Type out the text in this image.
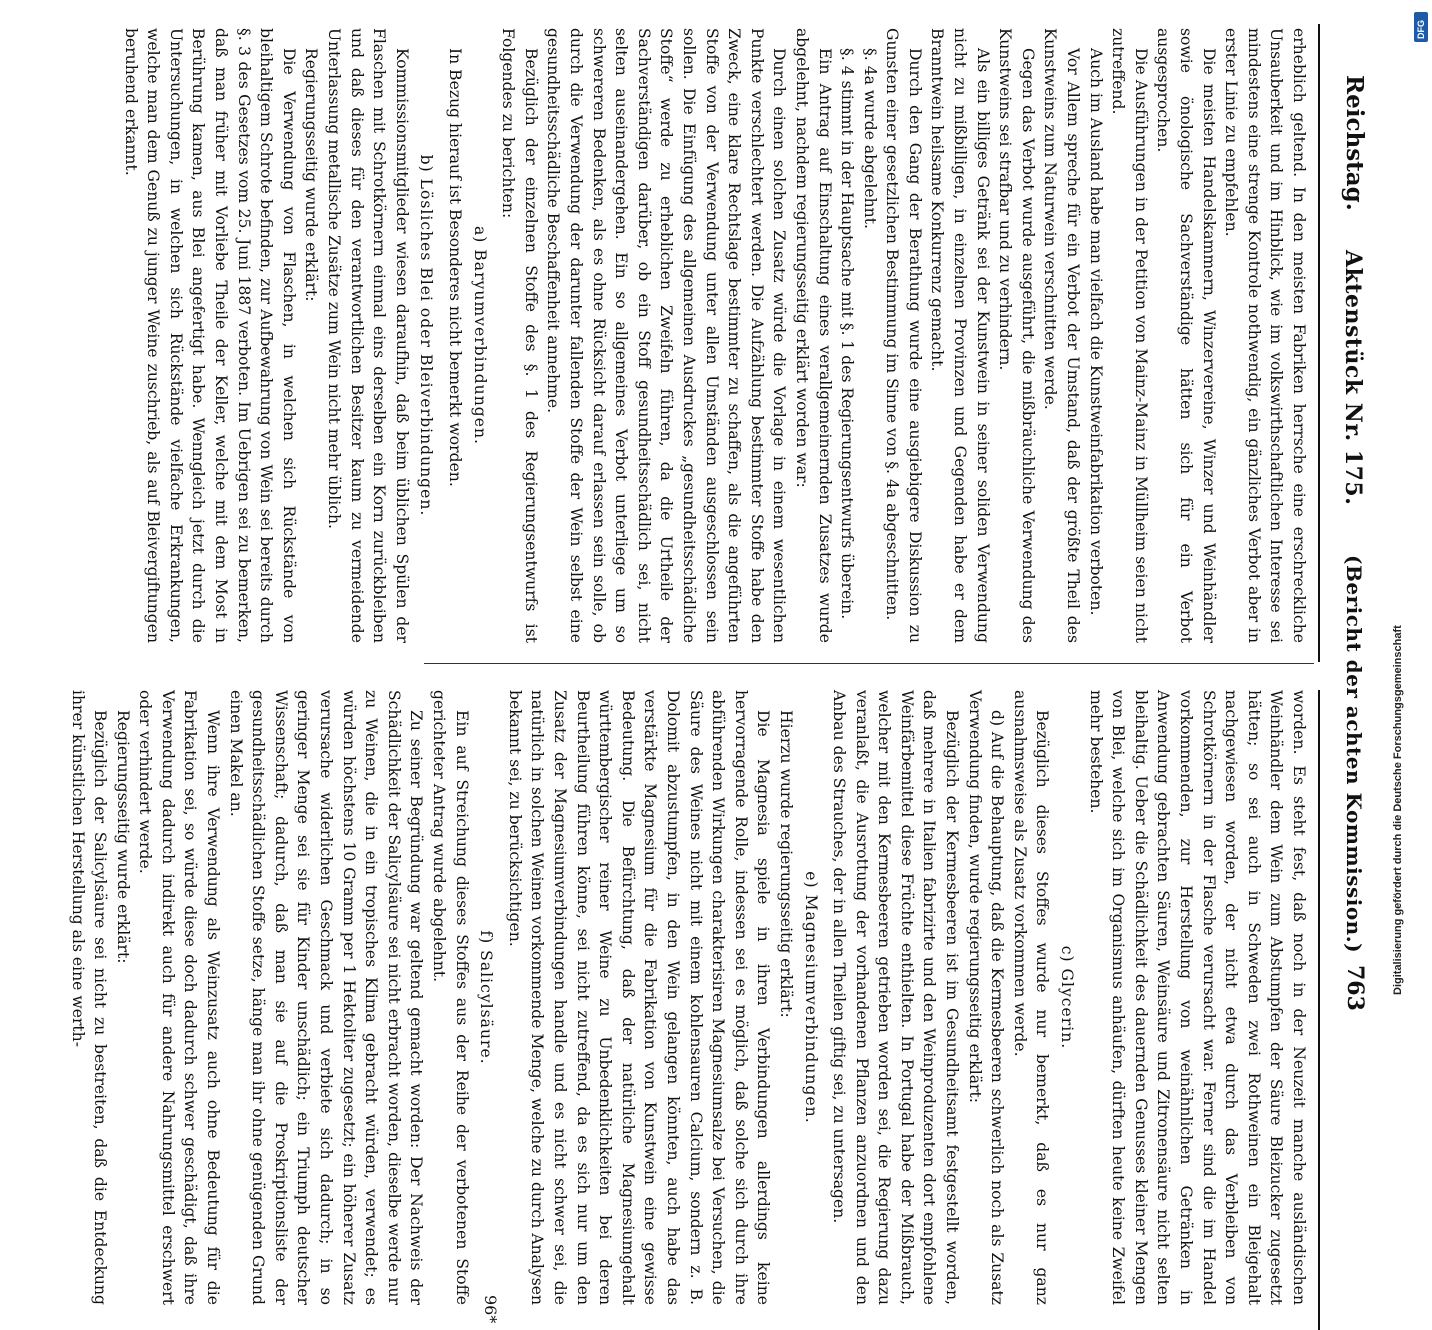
Reichstag.
Aktenstück Nr. 175.
(Bericht der achten Kommission.)
763

erheblich geltend. In den meisten Fabriken herrsche eine erschreckliche Unsauberkeit und im Hinblick, wie im volkswirthschaftlichen Interesse sei mindestens eine strenge Kontrole nothwendig, ein gänzliches Verbot aber in erster Linie zu empfehlen.

Die meisten Handelskammern, Winzervereine, Winzer und Weinhändler sowie önologische Sachverständige hätten sich für ein Verbot ausgesprochen.

Die Ausführungen in der Petition von Mainz-Mainz in Müllheim seien nicht zutreffend.

Auch im Ausland habe man vielfach die Kunstweinfabrikation verboten.

Vor Allem spreche für ein Verbot der Umstand, daß der größte Theil des Kunstweins zum Naturwein verschnitten werde.

Gegen das Verbot wurde ausgeführt, die mißbräuchliche Verwendung des Kunstweins sei strafbar und zu verhindern.

Als ein billiges Getränk sei der Kunstwein in seiner soliden Verwendung nicht zu mißbilligen, in einzelnen Provinzen und Gegenden habe er dem Branntwein heilsame Konkurrenz gemacht.

Durch den Gang der Berathung wurde eine ausgiebigere Diskussion zu Gunsten einer gesetzlichen Bestimmung im Sinne von §. 4a abgeschnitten.

§. 4a wurde abgelehnt.

§. 4 stimmt in der Hauptsache mit §. 1 des Regierungsentwurfs überein.

Ein Antrag auf Einschaltung eines verallgemeinernden Zusatzes wurde abgelehnt, nachdem regierungsseitig erklärt worden war:

Durch einen solchen Zusatz würde die Vorlage in einem wesentlichen Punkte verschlechtert werden. Die Aufzählung bestimmter Stoffe habe den Zweck, eine klare Rechtslage bestimmter zu schaffen, als die angeführten Stoffe von der Verwendung unter allen Umständen ausgeschlossen sein sollen. Die Einfügung des allgemeinen Ausdruckes „gesundheitsschädliche Stoffe“ werde zu erheblichen Zweifeln führen, da die Urtheile der Sachverständigen darüber, ob ein Stoff gesundheitsschädlich sei, nicht selten auseinandergehen. Ein so allgemeines Verbot unterliege um so schwereren Bedenken, als es ohne Rücksicht darauf erlassen sein solle, ob durch die Verwendung der darunter fallenden Stoffe der Wein selbst eine gesundheitsschädliche Beschaffenheit annehme.

Bezüglich der einzelnen Stoffe des §. 1 des Regierungsentwurfs ist Folgendes zu berichten:

a) Baryumverbindungen.

In Bezug hierauf ist Besonderes nicht bemerkt worden.

b) Lösliches Blei oder Bleiverbindungen.

Kommissionsmitglieder wiesen daraufhin, daß beim üblichen Spülen der Flaschen mit Schrotkörnern einmal eins derselben ein Korn zurückbleiben und daß dieses für den verantwortlichen Besitzer kaum zu vermeidende Unterlassung metallische Zusätze zum Wein nicht mehr üblich.

Regierungsseitig wurde erklärt:

Die Verwendung von Flaschen, in welchen sich Rückstände von bleihaltigem Schrote befinden, zur Aufbewahrung von Wein sei bereits durch §. 3 des Gesetzes vom 25. Juni 1887 verboten. Im Uebrigen sei zu bemerken, daß man früher mit Vorliebe Theile der Keller, welche mit dem Most in Berührung kamen, aus Blei angefertigt habe. Wenngleich jetzt durch die Untersuchungen, in welchen sich Rückstände vielfache Erkrankungen, welche man dem Genuß zu junger Weine zuschrieb, als auf Bleivergiftungen beruhend erkannt.

worden. Es steht fest, daß noch in der Neuzeit manche ausländischen Weinhändler dem Wein zum Abstumpfen der Säure Bleizucker zugesetzt hätten; so sei auch in Schweden zwei Rothweinen ein Bleigehalt nachgewiesen worden, der nicht etwa durch das Verbleiben von Schrotkörnern in der Flasche verursacht war. Ferner sind die im Handel vorkommenden, zur Herstellung von weinähnlichen Getränken in Anwendung gebrachten Säuren, Weinsäure und Zitronensäure nicht selten bleihaltig. Ueber die Schädlichkeit des dauernden Genusses kleiner Mengen von Blei, welche sich im Organismus anhäufen, dürften heute keine Zweifel mehr bestehen.

c) Glycerin.

Bezüglich dieses Stoffes wurde nur bemerkt, daß es nur ganz ausnahmsweise als Zusatz vorkommen werde.

d) Auf die Behauptung, daß die Kermesbeeren schwerlich noch als Zusatz Verwendung finden, wurde regierungsseitig erklärt:

Bezüglich der Kermesbeeren ist im Gesundheitsamt festgestellt worden, daß mehrere in Italien fabrizirte und den Weinproduzenten dort empfohlene Weinfärbemittel diese Früchte enthielten. In Portugal habe der Mißbrauch, welcher mit den Kermesbeeren getrieben worden sei, die Regierung dazu veranlaßt, die Ausrottung der vorhandenen Pflanzen anzuordnen und den Anbau des Strauches, der in allen Theilen giftig sei, zu untersagen.

e) Magnesiumverbindungen.

Hierzu wurde regierungsseitig erklärt:

Die Magnesia spiele in ihren Verbindungen allerdings keine hervorragende Rolle, indessen sei es möglich, daß solche sich durch ihre abführenden Wirkungen charakterisiren Magnesiumsalze bei Versuchen, die Säure des Weines nicht mit einem kohlensauren Calcium, sondern z. B. Dolomit abzustumpfen, in den Wein gelangen könnten, auch habe das verstärkte Magnesium für die Fabrikation von Kunstwein eine gewisse Bedeutung. Die Befürchtung, daß der natürliche Magnesiumgehalt württembergischer reiner Weine zu Unbedenklichkeiten bei deren Beurtheilung führen könne, sei nicht zutreffend, da es sich nur um den Zusatz der Magnesiumverbindungen handle und es nicht schwer sei, die natürlich in solchen Weinen vorkommende Menge, welche zu durch Analysen bekannt sei, zu berücksichtigen.

f) Salicylsäure.

Ein auf Streichung dieses Stoffes aus der Reihe der verbotenen Stoffe gerichteter Antrag wurde abgelehnt.

Zu seiner Begründung war geltend gemacht worden: Der Nachweis der Schädlichkeit der Salicylsäure sei nicht erbracht worden, dieselbe werde nur zu Weinen, die in ein tropisches Klima gebracht würden, verwendet; es würden höchstens 10 Gramm per 1 Hektoliter zugesetzt; ein höherer Zusatz verursache widerlichen Geschmack und verbiete sich dadurch; in so geringer Menge sei sie für Kinder unschädlich; ein Triumph deutscher Wissenschaft; dadurch, daß man sie auf die Proskriptionsliste der gesundheitsschädlichen Stoffe setze, hänge man ihr ohne genügenden Grund einen Makel an.

Wenn ihre Verwendung als Weinzusatz auch ohne Bedeutung für die Fabrikation sei, so würde diese doch dadurch schwer geschädigt, daß ihre Verwendung dadurch indirekt auch für andere Nahrungsmittel erschwert oder verhindert werde.

Regierungsseitig wurde erklärt:

Bezüglich der Salicylsäure sei nicht zu bestreiten, daß die Entdeckung ihrer künstlichen Herstellung als eine werth-

96*
Digitalisierung gefördert durch die Deutsche Forschungsgemeinschaft
DFG
